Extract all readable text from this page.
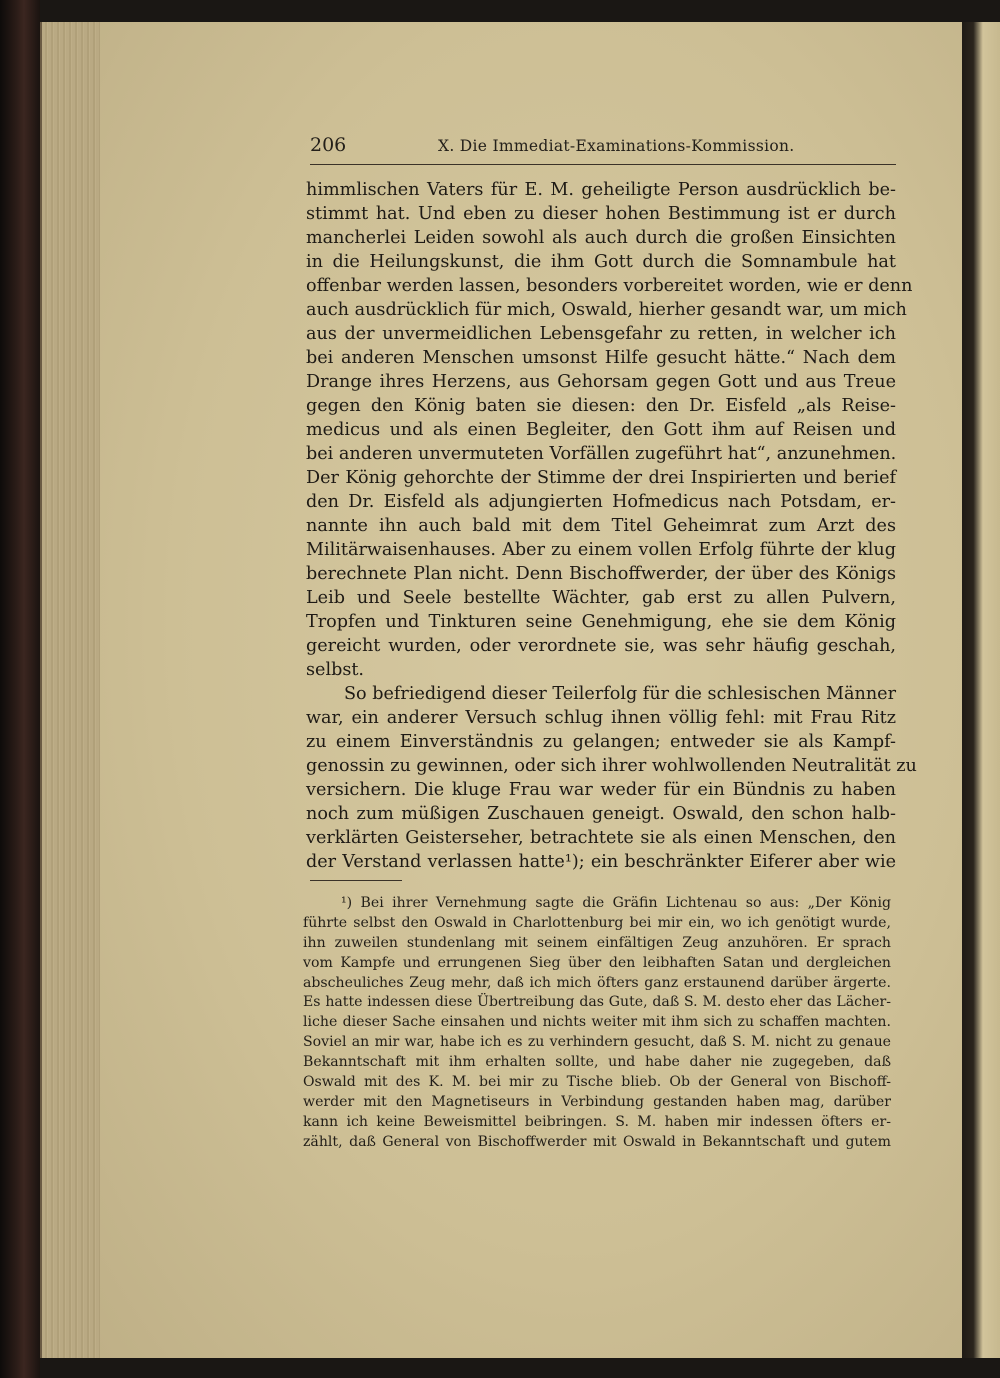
206	X. Die Immediat-Examinations-Kommission.
himmlischen Vaters für E. M. geheiligte Person ausdrücklich be-
stimmt hat. Und eben zu dieser hohen Bestimmung ist er durch
mancherlei Leiden sowohl als auch durch die großen Einsichten
in die Heilungskunst, die ihm Gott durch die Somnambule hat
offenbar werden lassen, besonders vorbereitet worden, wie er denn
auch ausdrücklich für mich, Oswald, hierher gesandt war, um mich
aus der unvermeidlichen Lebensgefahr zu retten, in welcher ich
bei anderen Menschen umsonst Hilfe gesucht hätte.“ Nach dem
Drange ihres Herzens, aus Gehorsam gegen Gott und aus Treue
gegen den König baten sie diesen: den Dr. Eisfeld „als Reise-
medicus und als einen Begleiter, den Gott ihm auf Reisen und
bei anderen unvermuteten Vorfällen zugeführt hat“, anzunehmen.
Der König gehorchte der Stimme der drei Inspirierten und berief
den Dr. Eisfeld als adjungierten Hofmedicus nach Potsdam, er-
nannte ihn auch bald mit dem Titel Geheimrat zum Arzt des
Militärwaisenhauses. Aber zu einem vollen Erfolg führte der klug
berechnete Plan nicht. Denn Bischoffwerder, der über des Königs
Leib und Seele bestellte Wächter, gab erst zu allen Pulvern,
Tropfen und Tinkturen seine Genehmigung, ehe sie dem König
gereicht wurden, oder verordnete sie, was sehr häufig geschah,
selbst.
So befriedigend dieser Teilerfolg für die schlesischen Männer
war, ein anderer Versuch schlug ihnen völlig fehl: mit Frau Ritz
zu einem Einverständnis zu gelangen; entweder sie als Kampf-
genossin zu gewinnen, oder sich ihrer wohlwollenden Neutralität zu
versichern. Die kluge Frau war weder für ein Bündnis zu haben
noch zum müßigen Zuschauen geneigt. Oswald, den schon halb-
verklärten Geisterseher, betrachtete sie als einen Menschen, den
der Verstand verlassen hatte¹); ein beschränkter Eiferer aber wie
¹) Bei ihrer Vernehmung sagte die Gräfin Lichtenau so aus: „Der König
führte selbst den Oswald in Charlottenburg bei mir ein, wo ich genötigt wurde,
ihn zuweilen stundenlang mit seinem einfältigen Zeug anzuhören. Er sprach
vom Kampfe und errungenen Sieg über den leibhaften Satan und dergleichen
abscheuliches Zeug mehr, daß ich mich öfters ganz erstaunend darüber ärgerte.
Es hatte indessen diese Übertreibung das Gute, daß S. M. desto eher das Lächer-
liche dieser Sache einsahen und nichts weiter mit ihm sich zu schaffen machten.
Soviel an mir war, habe ich es zu verhindern gesucht, daß S. M. nicht zu genaue
Bekanntschaft mit ihm erhalten sollte, und habe daher nie zugegeben, daß
Oswald mit des K. M. bei mir zu Tische blieb. Ob der General von Bischoff-
werder mit den Magnetiseurs in Verbindung gestanden haben mag, darüber
kann ich keine Beweismittel beibringen. S. M. haben mir indessen öfters er-
zählt, daß General von Bischoffwerder mit Oswald in Bekanntschaft und gutem
